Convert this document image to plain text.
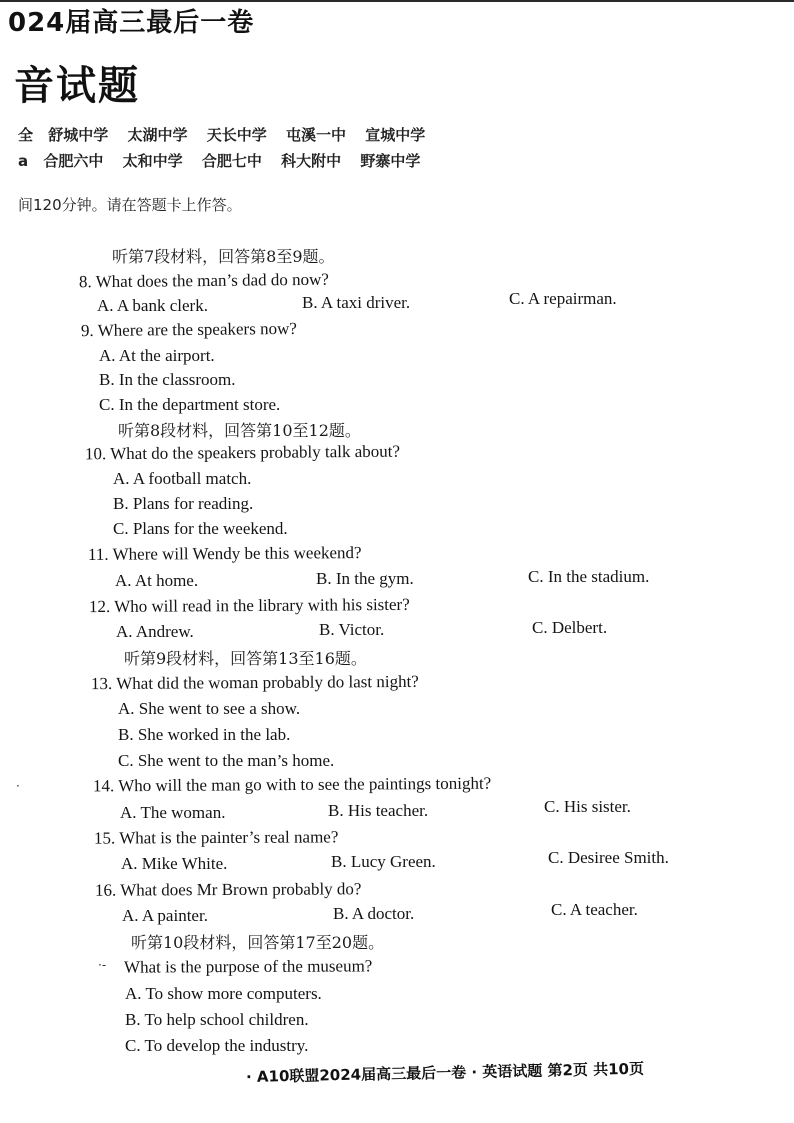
024届高三最后一卷
音试题
全 舒城中学 太湖中学 天长中学 屯溪一中 宣城中学
a 合肥六中 太和中学 合肥七中 科大附中 野寨中学
间120分钟。请在答题卡上作答。
听第7段材料，回答第8至9题。
8. What does the man’s dad do now?
A. A bank clerk.	B. A taxi driver.	C. A repairman.
9. Where are the speakers now?
A. At the airport.
B. In the classroom.
C. In the department store.
听第8段材料，回答第10至12题。
10. What do the speakers probably talk about?
A. A football match.
B. Plans for reading.
C. Plans for the weekend.
11. Where will Wendy be this weekend?
A. At home.	B. In the gym.	C. In the stadium.
12. Who will read in the library with his sister?
A. Andrew.	B. Victor.	C. Delbert.
听第9段材料，回答第13至16题。
13. What did the woman probably do last night?
A. She went to see a show.
B. She worked in the lab.
C. She went to the man’s home.
·	14. Who will the man go with to see the paintings tonight?
A. The woman.	B. His teacher.	C. His sister.
15. What is the painter’s real name?
A. Mike White.	B. Lucy Green.	C. Desiree Smith.
16. What does Mr Brown probably do?
A. A painter.	B. A doctor.	C. A teacher.
听第10段材料，回答第17至20题。
·- What is the purpose of the museum?
A. To show more computers.
B. To help school children.
C. To develop the industry.
· A10联盟2024届高三最后一卷 · 英语试题 第2页 共10页
